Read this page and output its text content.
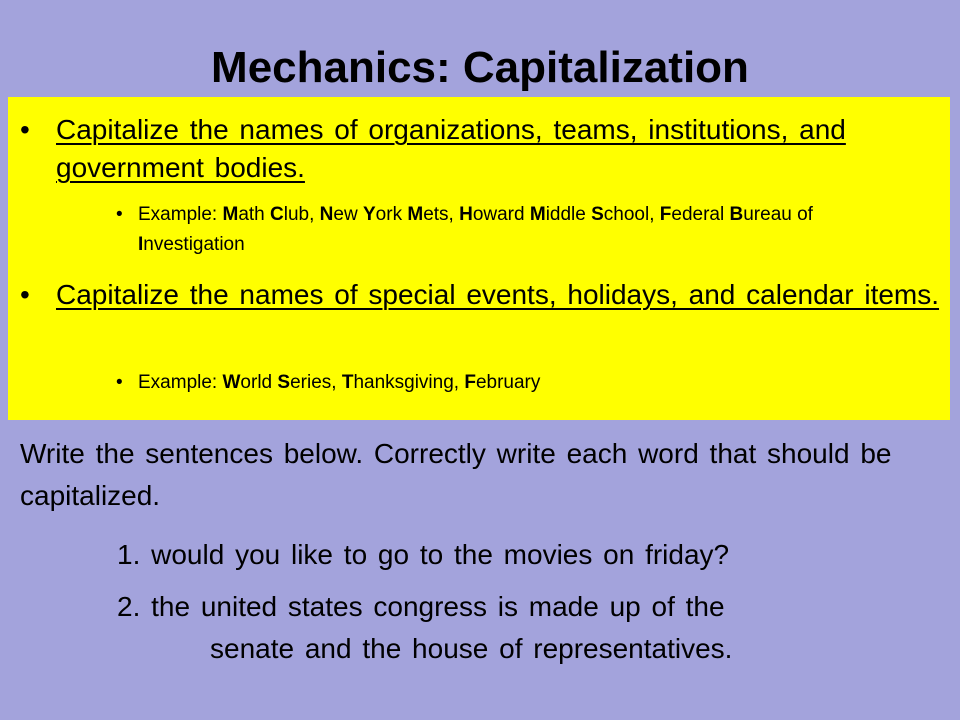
Mechanics: Capitalization
• Capitalize the names of organizations, teams, institutions, and government bodies.
• Example: Math Club, New York Mets, Howard Middle School, Federal Bureau of Investigation
• Capitalize the names of special events, holidays, and calendar items.
• Example: World Series, Thanksgiving, February

Write the sentences below. Correctly write each word that should be capitalized.

1. would you like to go to the movies on friday?

2. the united states congress is made up of the
senate and the house of representatives.
